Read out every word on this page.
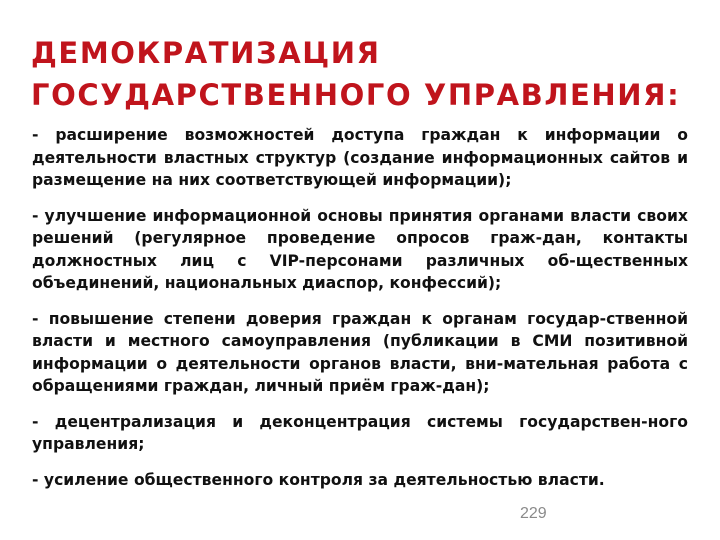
ДЕМОКРАТИЗАЦИЯ
ГОСУДАРСТВЕННОГО УПРАВЛЕНИЯ:

- расширение возможностей доступа граждан к информации о деятельности властных структур (создание информационных сайтов и размещение на них соответствующей информации);

- улучшение информационной основы принятия органами власти своих решений (регулярное проведение опросов граж-дан, контакты должностных лиц с VIP-персонами различных об-щественных объединений, национальных диаспор, конфессий);

- повышение степени доверия граждан к органам государ-ственной власти и местного самоуправления (публикации в СМИ позитивной информации о деятельности органов власти, вни-мательная работа с обращениями граждан, личный приём граж-дан);

- децентрализация и деконцентрация системы государствен-ного управления;

- усиление общественного контроля за деятельностью власти.

229
